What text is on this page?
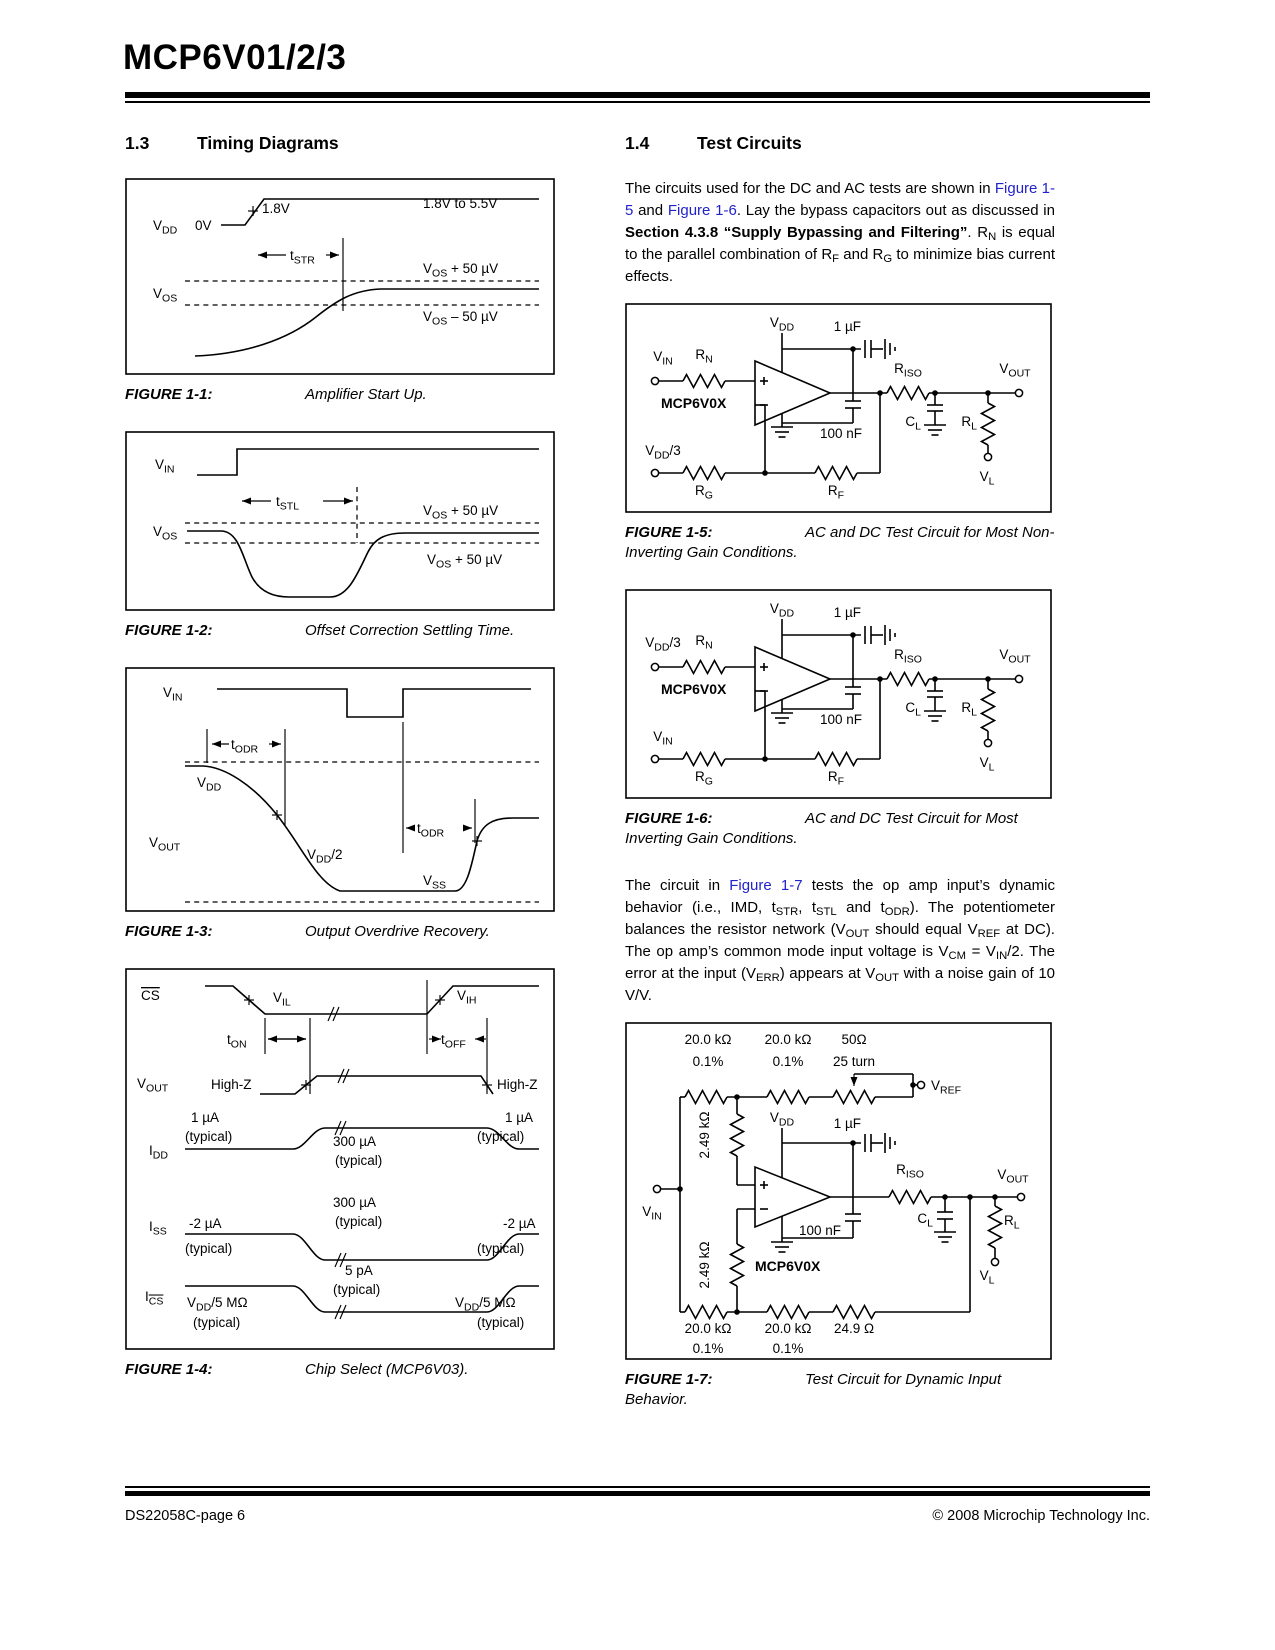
MCP6V01/2/3
1.3	Timing Diagrams
$V_{DD}$ 0V
1.8V	1.8V to 5.5V
$t_{STR}$
$V_{OS}$
$V_{OS} + 50$ µV
$V_{OS} - 50$ µV
FIGURE 1-1:	Amplifier Start Up.
$V_{IN}$
$t_{STL}$
$V_{OS}$
$V_{OS} + 50$ µV
$V_{OS} + 50$ µV
FIGURE 1-2:	Offset Correction Settling Time.
$V_{IN}$
$t_{ODR}$
$V_{DD}$
$V_{OUT}$	$V_{DD}/2$
$t_{ODR}$
$V_{SS}$
FIGURE 1-3:	Output Overdrive Recovery.
CS	$V_{IL}$	$V_{IH}$
$t_{ON}$	$t_{OFF}$
$V_{OUT}$	High-Z	High-Z
$I_{DD}$
1 µA
(typical)	300 µA
(typical)
1 µA
(typical)
$I_{SS}$
-2 µA
(typical)
300 µA
(typical)	-2 µA
(typical)
$I_{CS}$ $V_{DD}/5$ MΩ
(typical)
5 pA
(typical)
$V_{DD}/5$ MΩ
(typical)
FIGURE 1-4:	Chip Select (MCP6V03).
1.4	Test Circuits

The circuits used for the DC and AC tests are shown in Figure 1-5 and Figure 1-6. Lay the bypass capacitors out as discussed in Section 4.3.8 “Supply Bypassing and Filtering”. $R_N$ is equal to the parallel combination of $R_F$ and $R_G$ to minimize bias current effects.

$V_{DD}$	1 µF
$V_{IN}$ $R_N$
MCP6V0X
$R_{ISO}$	$V_{OUT}$
100 nF
$C_L$	$R_L$
$V_L$
$V_{DD}/3$
$R_G$	$R_F$
FIGURE 1-5:	AC and DC Test Circuit for Most Non-Inverting Gain Conditions.
$V_{DD}$	1 µF
$V_{DD}/3$ $R_N$
MCP6V0X
$R_{ISO}$	$V_{OUT}$
100 nF
$C_L$	$R_L$
$V_L$
$V_{IN}$
$R_G$	$R_F$
FIGURE 1-6:	AC and DC Test Circuit for Most Inverting Gain Conditions.

The circuit in Figure 1-7 tests the op amp input’s dynamic behavior (i.e., IMD, $t_{STR}$, $t_{STL}$ and $t_{ODR}$). The potentiometer balances the resistor network ($V_{OUT}$ should equal $V_{REF}$ at DC). The op amp’s common mode input voltage is $V_{CM} = V_{IN}/2$. The error at the input $(V_{ERR})$ appears at $V_{OUT}$ with a noise gain of 10 V/V.

20.0 kΩ 20.0 kΩ 50Ω
0.1%	0.1% 25 turn
$V_{REF}$
$V_{DD}$	1 µF
2.49 kΩ
2.49 kΩ
$V_{IN}$
MCP6V0X
$R_{ISO}$	$V_{OUT}$
100 nF
$C_L$	$R_L$
$V_L$
20.0 kΩ 20.0 kΩ 24.9 Ω
0.1%	0.1%
FIGURE 1-7:	Test Circuit for Dynamic Input Behavior.
DS22058C-page 6	© 2008 Microchip Technology Inc.
